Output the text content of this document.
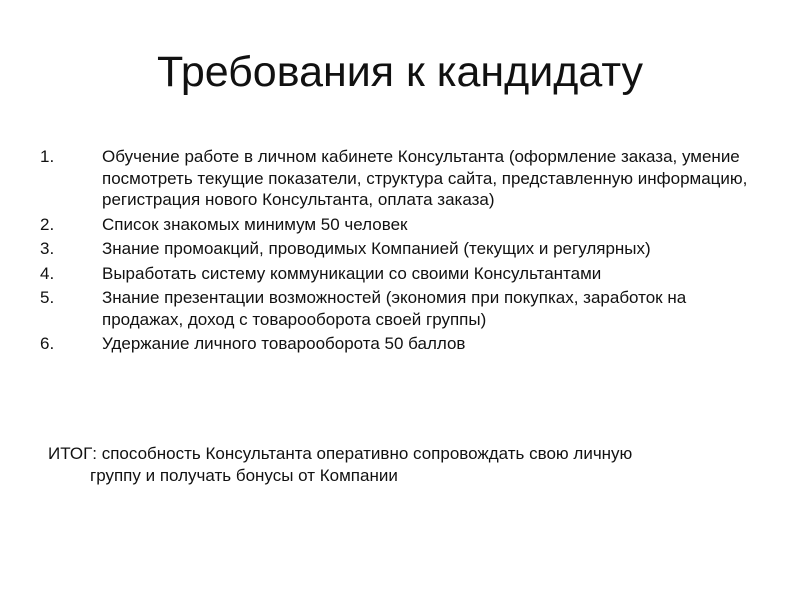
Требования к кандидату
1.	Обучение работе в личном кабинете Консультанта (оформление заказа, умение посмотреть текущие показатели, структура сайта, представленную информацию, регистрация нового Консультанта, оплата заказа)
2.	Список знакомых минимум 50 человек
3.	Знание промоакций, проводимых Компанией (текущих и регулярных)
4.	Выработать систему коммуникации со своими Консультантами
5.	Знание презентации возможностей (экономия при покупках, заработок на продажах, доход с товарооборота своей группы)
6.	Удержание личного товарооборота 50 баллов

ИТОГ: способность Консультанта оперативно сопровождать свою личную
группу и получать бонусы от Компании
